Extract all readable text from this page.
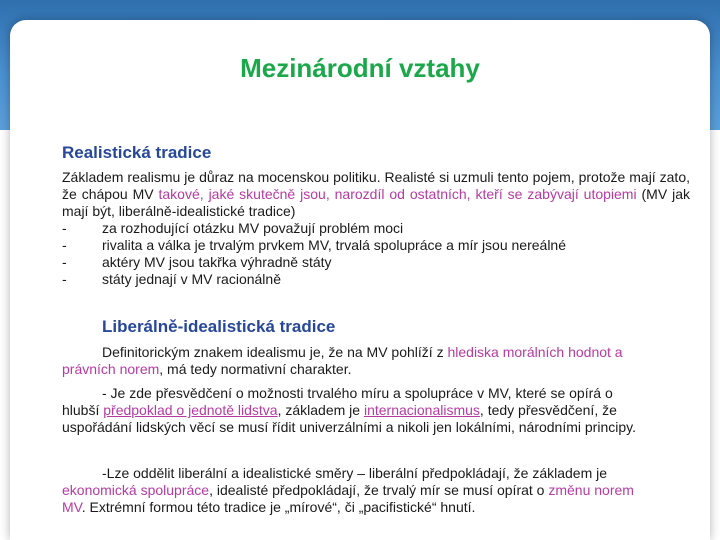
Mezinárodní vztahy
Realistická tradice
Základem realismu je důraz na mocenskou politiku. Realisté si uzmuli tento pojem, protože mají zato, že chápou MV takové, jaké skutečně jsou, narozdíl od ostatních, kteří se zabývají utopiemi (MV jak mají být, liberálně-idealistické tradice)
-	za rozhodující otázku MV považují problém moci
-	rivalita a válka je trvalým prvkem MV, trvalá spolupráce a mír jsou nereálné
-	aktéry MV jsou takřka výhradně státy
-	státy jednají v MV racionálně
Liberálně-idealistická tradice
Definitorickým znakem idealismu je, že na MV pohlíží z hlediska morálních hodnot a právních norem, má tedy normativní charakter.
- Je zde přesvědčení o možnosti trvalého míru a spolupráce v MV, které se opírá o hlubší předpoklad o jednotě lidstva, základem je internacionalismus, tedy přesvědčení, že uspořádání lidských věcí se musí řídit univerzálními a nikoli jen lokálními, národními principy.
-Lze oddělit liberální a idealistické směry – liberální předpokládají, že základem je ekonomická spolupráce, idealisté předpokládají, že trvalý mír se musí opírat o změnu norem MV. Extrémní formou této tradice je „mírové“, či „pacifistické“ hnutí.
